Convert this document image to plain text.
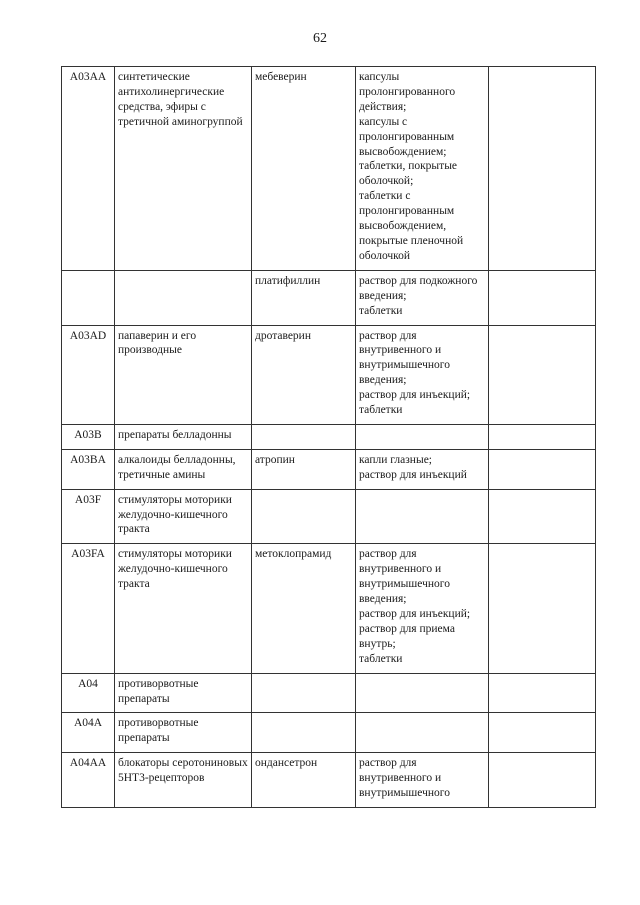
62
A03AA	синтетические антихолинергические средства, эфиры с третичной аминогруппой	мебеверин	капсулы пролонгированного действия;
капсулы с пролонгированным высвобождением;
таблетки, покрытые оболочкой;
таблетки с пролонгированным высвобождением, покрытые пленочной оболочкой	
		платифиллин	раствор для подкожного введения;
таблетки	
A03AD	папаверин и его производные	дротаверин	раствор для внутривенного и внутримышечного введения;
раствор для инъекций;
таблетки	
A03B	препараты белладонны			
A03BA	алкалоиды белладонны, третичные амины	атропин	капли глазные;
раствор для инъекций	
A03F	стимуляторы моторики желудочно-кишечного тракта			
A03FA	стимуляторы моторики желудочно-кишечного тракта	метоклопрамид	раствор для внутривенного и внутримышечного введения;
раствор для инъекций;
раствор для приема внутрь;
таблетки	
A04	противорвотные препараты			
A04A	противорвотные препараты			
A04AA	блокаторы серотониновых 5HT3-рецепторов	ондансетрон	раствор для внутривенного и внутримышечного	
